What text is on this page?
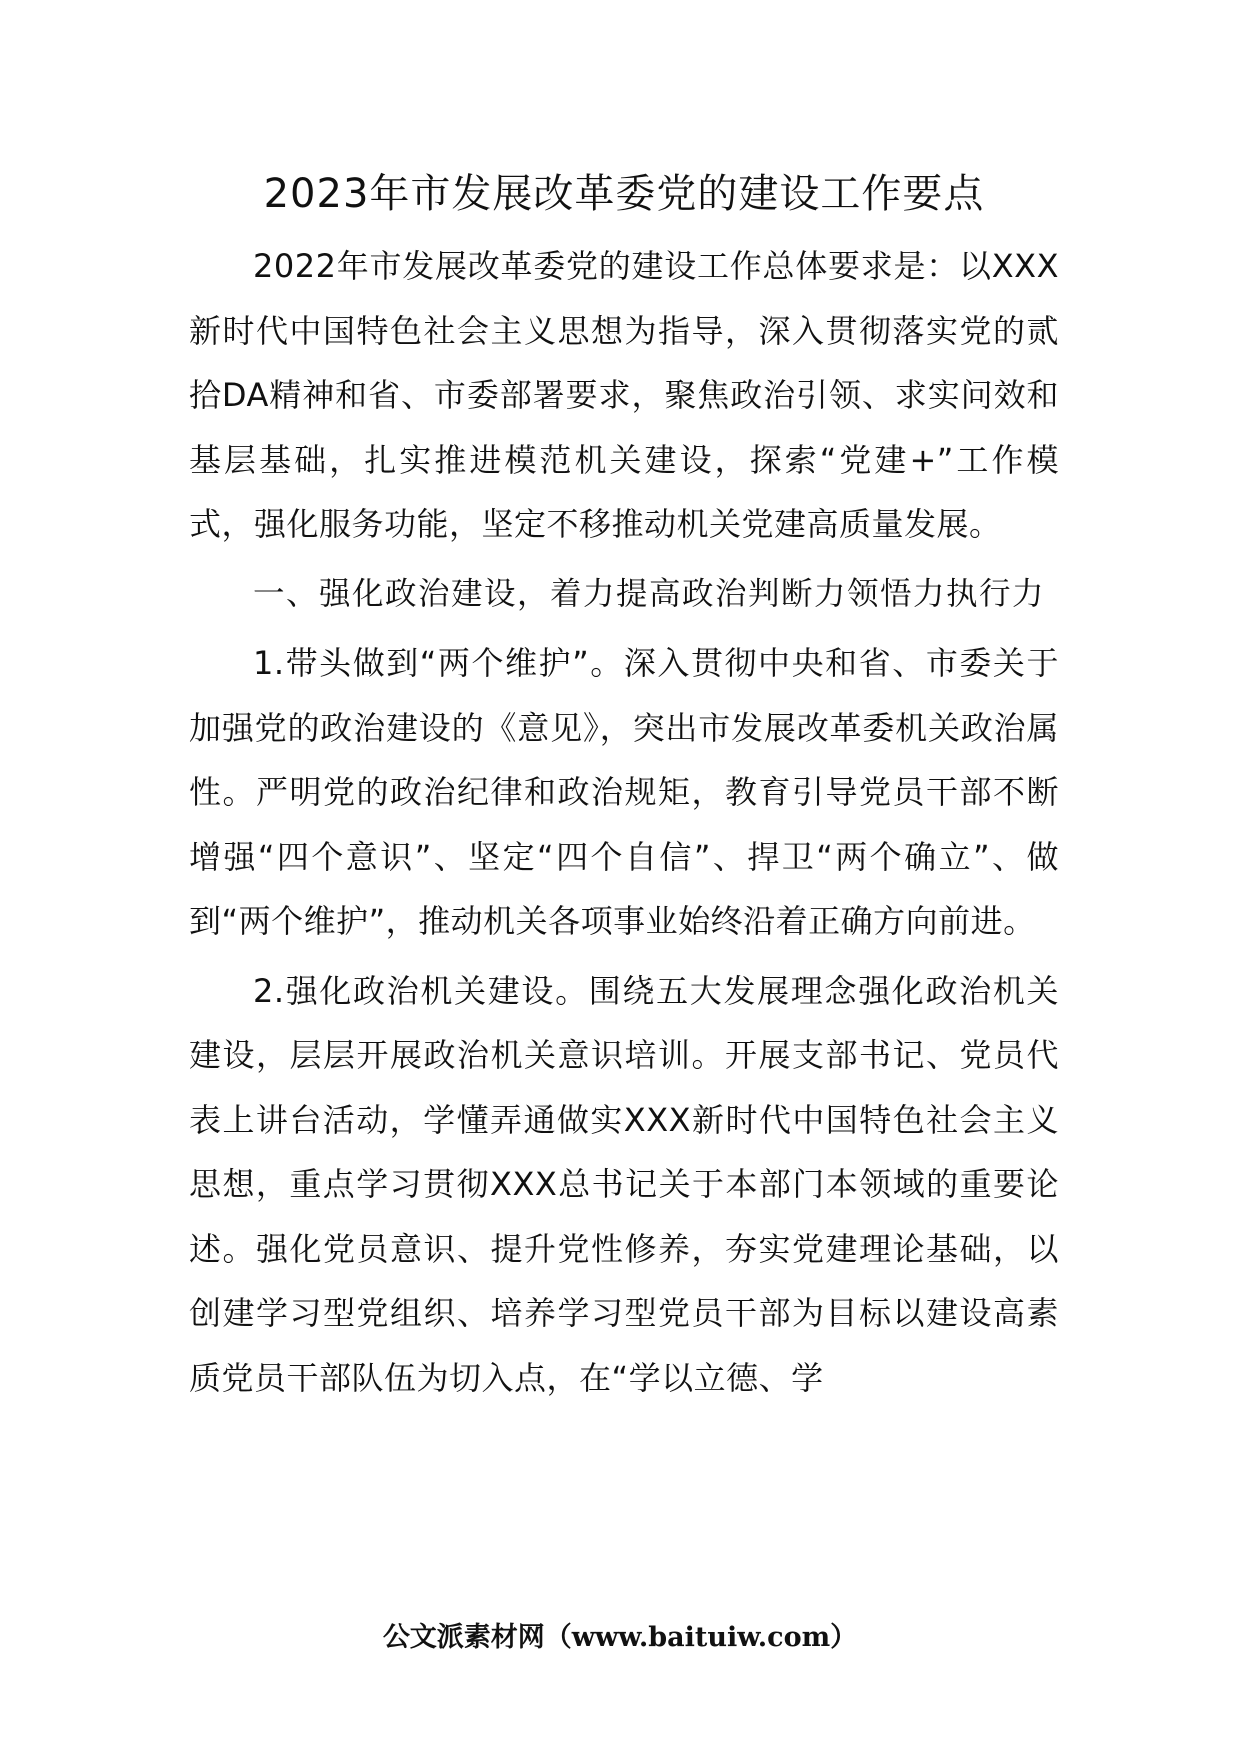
2023年市发展改革委党的建设工作要点

2022年市发展改革委党的建设工作总体要求是：以XXX新时代中国特色社会主义思想为指导，深入贯彻落实党的贰拾DA精神和省、市委部署要求，聚焦政治引领、求实问效和基层基础，扎实推进模范机关建设，探索“党建+”工作模式，强化服务功能，坚定不移推动机关党建高质量发展。

一、强化政治建设，着力提高政治判断力领悟力执行力

1.带头做到“两个维护”。深入贯彻中央和省、市委关于加强党的政治建设的《意见》，突出市发展改革委机关政治属性。严明党的政治纪律和政治规矩，教育引导党员干部不断增强“四个意识”、坚定“四个自信”、捍卫“两个确立”、做到“两个维护”，推动机关各项事业始终沿着正确方向前进。

2.强化政治机关建设。围绕五大发展理念强化政治机关建设，层层开展政治机关意识培训。开展支部书记、党员代表上讲台活动，学懂弄通做实XXX新时代中国特色社会主义思想，重点学习贯彻XXX总书记关于本部门本领域的重要论述。强化党员意识、提升党性修养，夯实党建理论基础，以创建学习型党组织、培养学习型党员干部为目标以建设高素质党员干部队伍为切入点，在“学以立德、学

公文派素材网（www.baituiw.com）
